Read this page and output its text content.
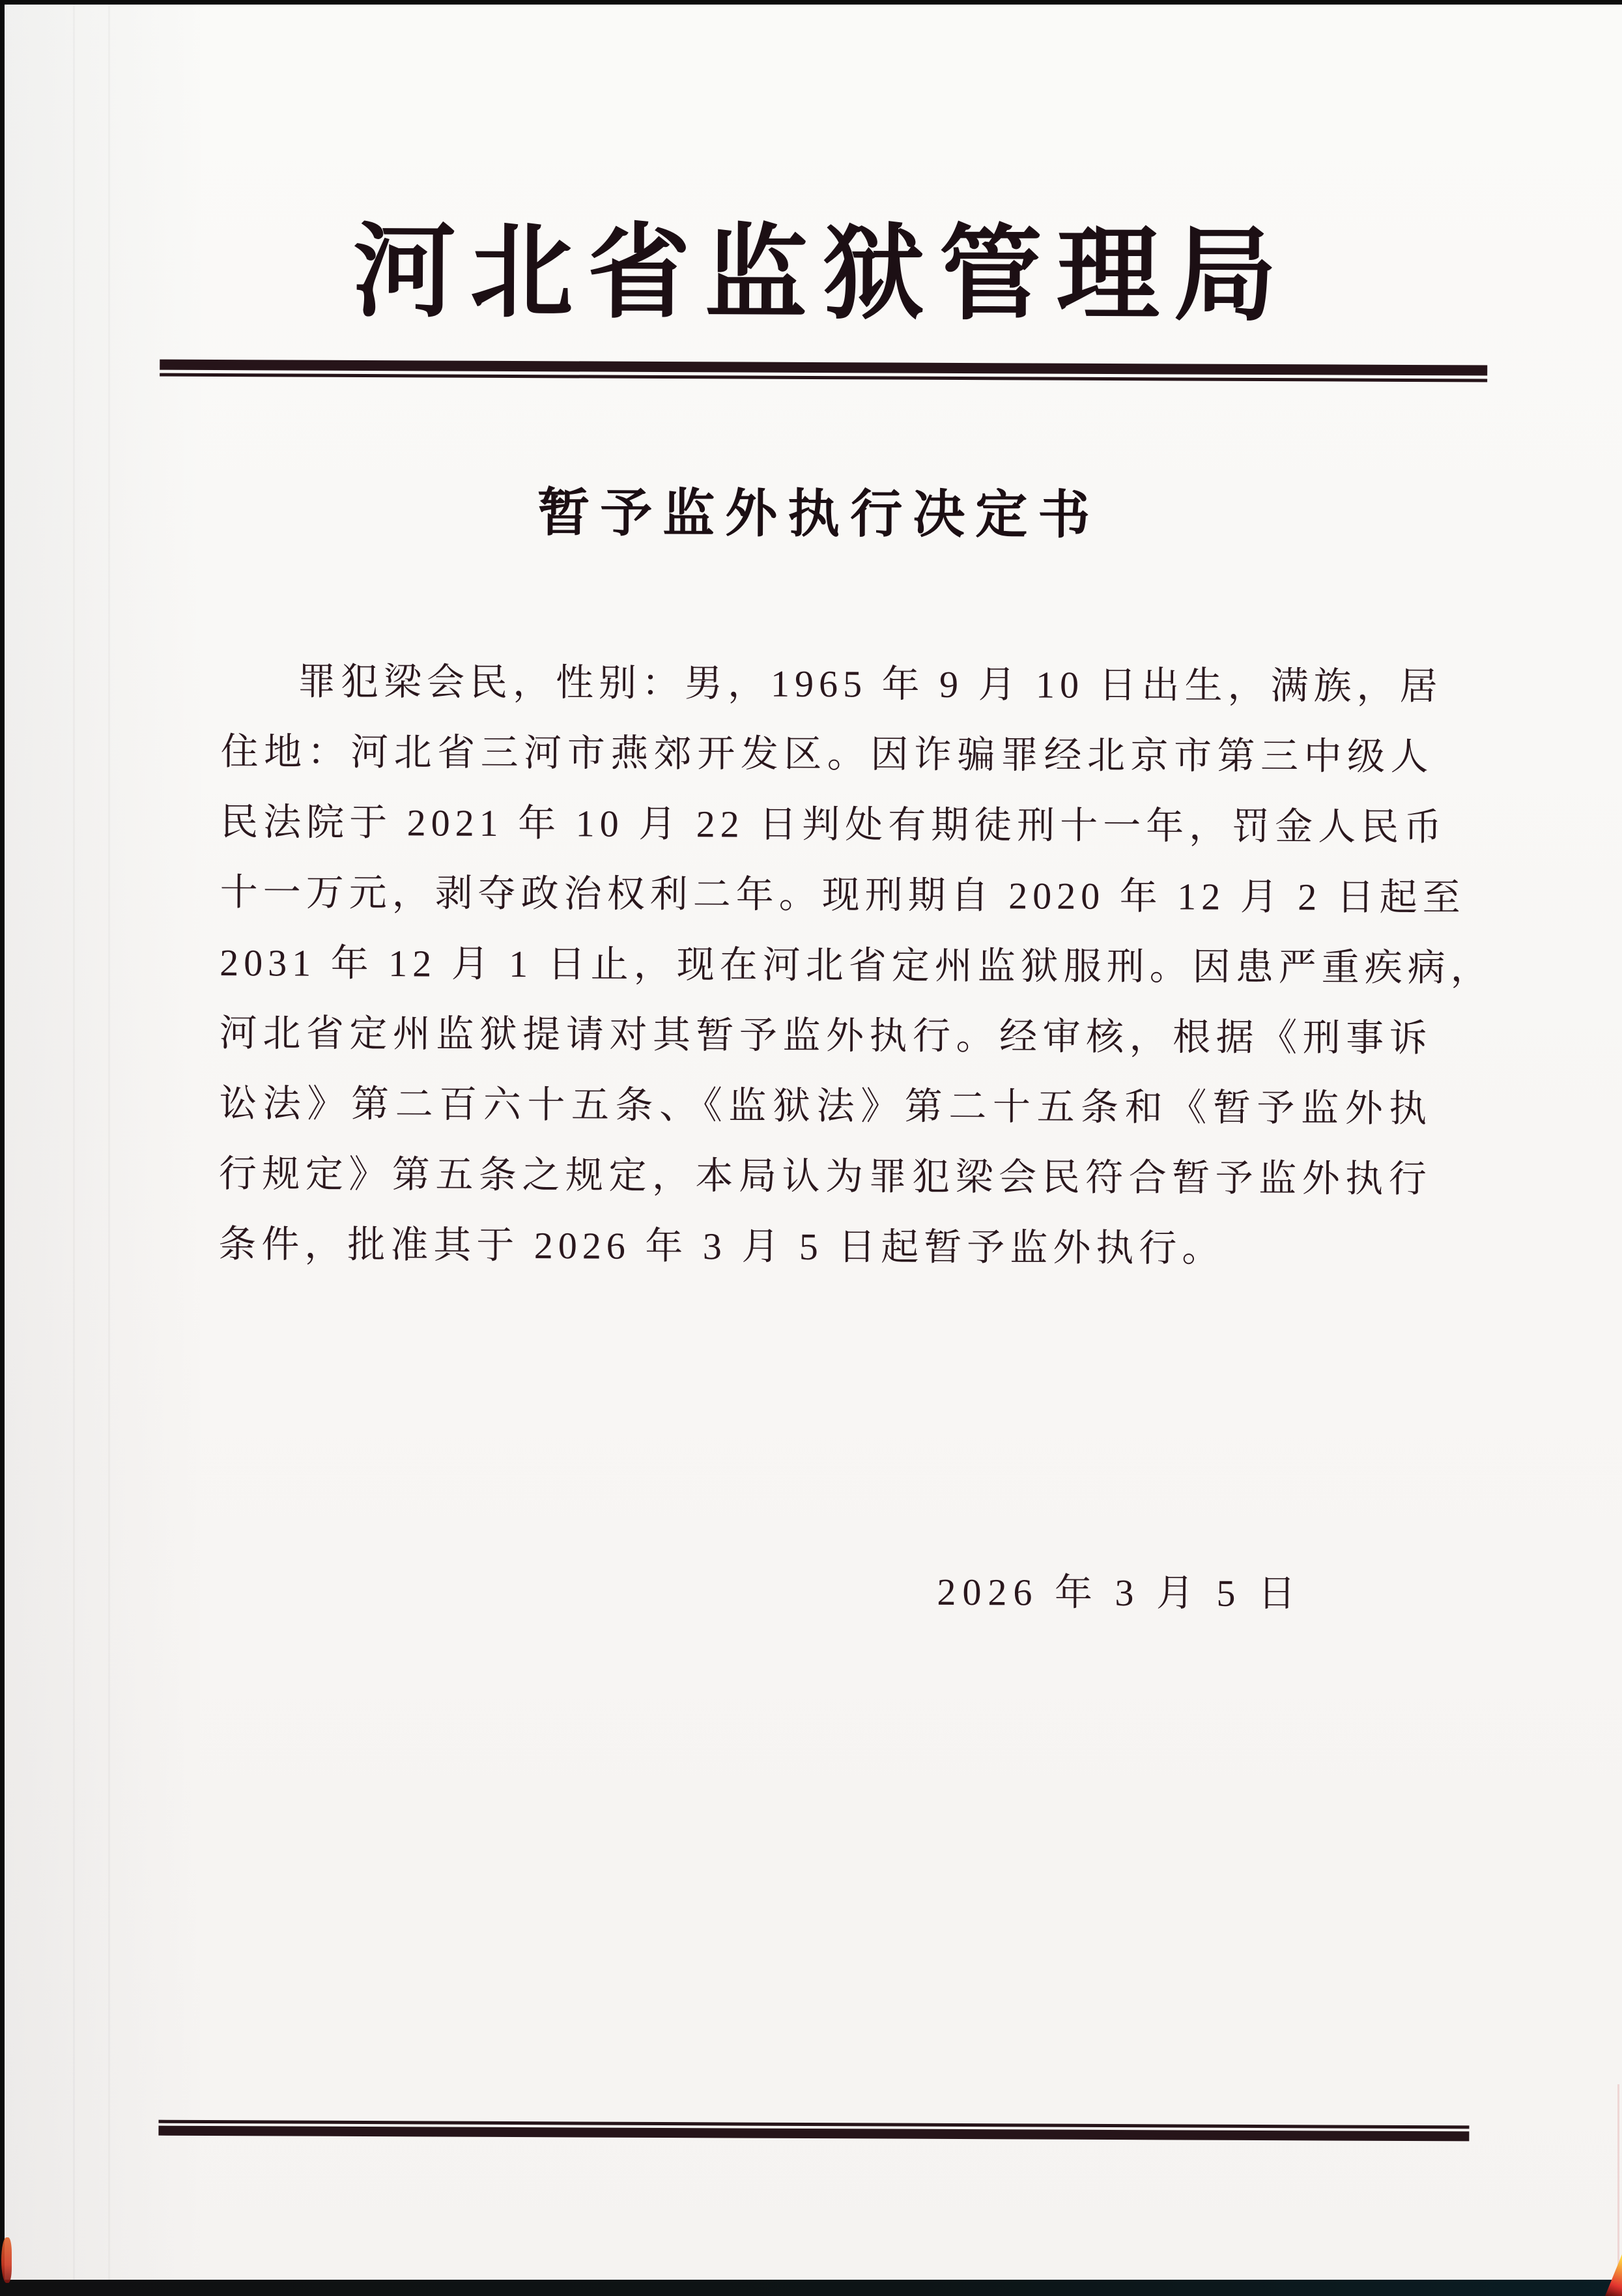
河北省监狱管理局
暂予监外执行决定书

罪犯梁会民，性别：男，1965 年 9 月 10 日出生，满族，居

住地：河北省三河市燕郊开发区。因诈骗罪经北京市第三中级人

民法院于 2021 年 10 月 22 日判处有期徒刑十一年，罚金人民币

十一万元，剥夺政治权利二年。现刑期自 2020 年 12 月 2 日起至

2031 年 12 月 1 日止，现在河北省定州监狱服刑。因患严重疾病，

河北省定州监狱提请对其暂予监外执行。经审核，根据《刑事诉

讼法》第二百六十五条、《监狱法》第二十五条和《暂予监外执

行规定》第五条之规定，本局认为罪犯梁会民符合暂予监外执行

条件，批准其于 2026 年 3 月 5 日起暂予监外执行。

2026 年 3 月 5 日
